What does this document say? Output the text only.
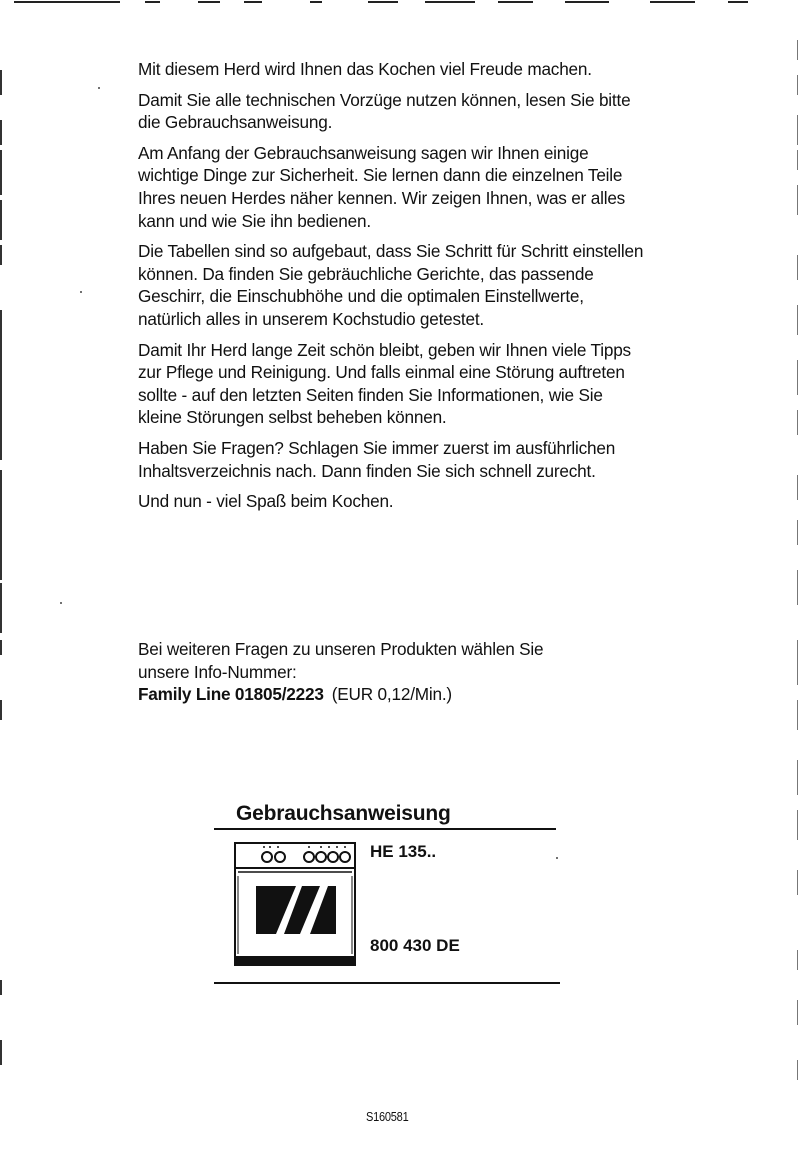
Mit diesem Herd wird Ihnen das Kochen viel Freude machen.

Damit Sie alle technischen Vorzüge nutzen können, lesen Sie bitte die Gebrauchsanweisung.

Am Anfang der Gebrauchsanweisung sagen wir Ihnen einige wichtige Dinge zur Sicherheit. Sie lernen dann die einzelnen Teile Ihres neuen Herdes näher kennen. Wir zeigen Ihnen, was er alles kann und wie Sie ihn bedienen.

Die Tabellen sind so aufgebaut, dass Sie Schritt für Schritt einstellen können. Da finden Sie gebräuchliche Gerichte, das passende Geschirr, die Einschubhöhe und die optimalen Einstellwerte, natürlich alles in unserem Kochstudio getestet.

Damit Ihr Herd lange Zeit schön bleibt, geben wir Ihnen viele Tipps zur Pflege und Reinigung. Und falls einmal eine Störung auftreten sollte - auf den letzten Seiten finden Sie Informationen, wie Sie kleine Störungen selbst beheben können.

Haben Sie Fragen? Schlagen Sie immer zuerst im ausführlichen Inhaltsverzeichnis nach. Dann finden Sie sich schnell zurecht.

Und nun - viel Spaß beim Kochen.

Bei weiteren Fragen zu unseren Produkten wählen Sie

unsere Info-Nummer:

Family Line 01805/2223 (EUR 0,12/Min.)

Gebrauchsanweisung
HE 135..
800 430 DE
S160581
